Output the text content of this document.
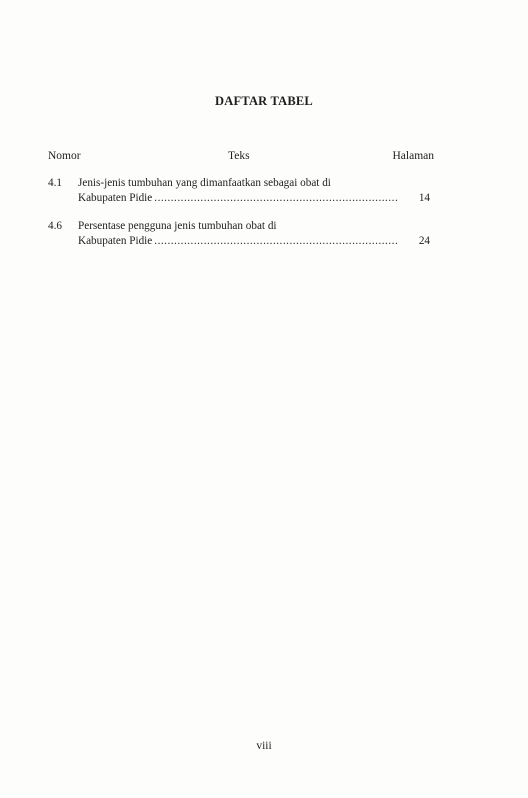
DAFTAR TABEL
Nomor	Teks	Halaman
4.1 Jenis-jenis tumbuhan yang dimanfaatkan sebagai obat di
Kabupaten Pidie .....	14
4.6 Persentase pengguna jenis tumbuhan obat di
Kabupaten Pidie .....	24
viii
